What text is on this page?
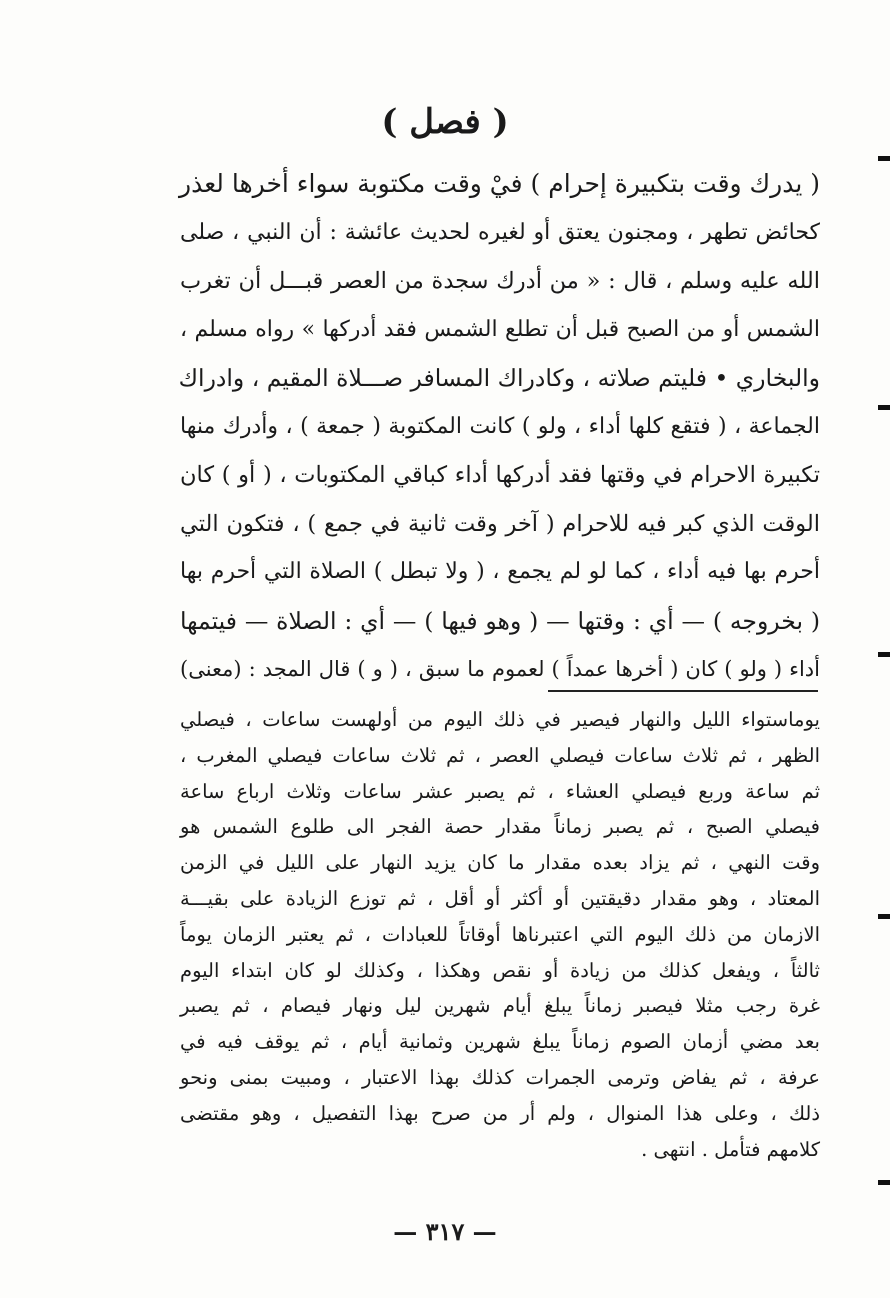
( فصل )

( يدرك وقت بتكبيرة إحرام ) فيْ وقت مكتوبة سواء أخرها لعذر

كحائض تطهر ، ومجنون يعتق أو لغيره لحديث عائشة : أن النبي ، صلى

الله عليه وسلم ، قال : « من أدرك سجدة من العصر قبـــل أن تغرب

الشمس أو من الصبح قبل أن تطلع الشمس فقد أدركها » رواه مسلم ،

والبخاري • فليتم صلاته ، وكادراك المسافر صـــلاة المقيم ، وادراك

الجماعة ، ( فتقع كلها أداء ، ولو ) كانت المكتوبة ( جمعة ) ، وأدرك منها

تكبيرة الاحرام في وقتها فقد أدركها أداء كباقي المكتوبات ، ( أو ) كان

الوقت الذي كبر فيه للاحرام ( آخر وقت ثانية في جمع ) ، فتكون التي

أحرم بها فيه أداء ، كما لو لم يجمع ، ( ولا تبطل ) الصلاة التي أحرم بها

( بخروجه ) — أي : وقتها — ( وهو فيها ) — أي : الصلاة — فيتمها

أداء ( ولو ) كان ( أخرها عمداً ) لعموم ما سبق ، ( و ) قال المجد : (معنى)

يوماستواء الليل والنهار فيصير في ذلك اليوم من أولهست ساعات ، فيصلي

الظهر ، ثم ثلاث ساعات فيصلي العصر ، ثم ثلاث ساعات فيصلي المغرب ،

ثم ساعة وربع فيصلي العشاء ، ثم يصبر عشر ساعات وثلاث ارباع ساعة

فيصلي الصبح ، ثم يصبر زماناً مقدار حصة الفجر الى طلوع الشمس هو

وقت النهي ، ثم يزاد بعده مقدار ما كان يزيد النهار على الليل في الزمن

المعتاد ، وهو مقدار دقيقتين أو أكثر أو أقل ، ثم توزع الزيادة على بقيـــة

الازمان من ذلك اليوم التي اعتبرناها أوقاتاً للعبادات ، ثم يعتبر الزمان يوماً

ثالثاً ، ويفعل كذلك من زيادة أو نقص وهكذا ، وكذلك لو كان ابتداء اليوم

غرة رجب مثلا فيصبر زماناً يبلغ أيام شهرين ليل ونهار فيصام ، ثم يصبر

بعد مضي أزمان الصوم زماناً يبلغ شهرين وثمانية أيام ، ثم يوقف فيه في

عرفة ، ثم يفاض وترمى الجمرات كذلك بهذا الاعتبار ، ومبيت بمنى ونحو

ذلك ، وعلى هذا المنوال ، ولم أر من صرح بهذا التفصيل ، وهو مقتضى

كلامهم فتأمل . انتهى .

— ٣١٧ —
